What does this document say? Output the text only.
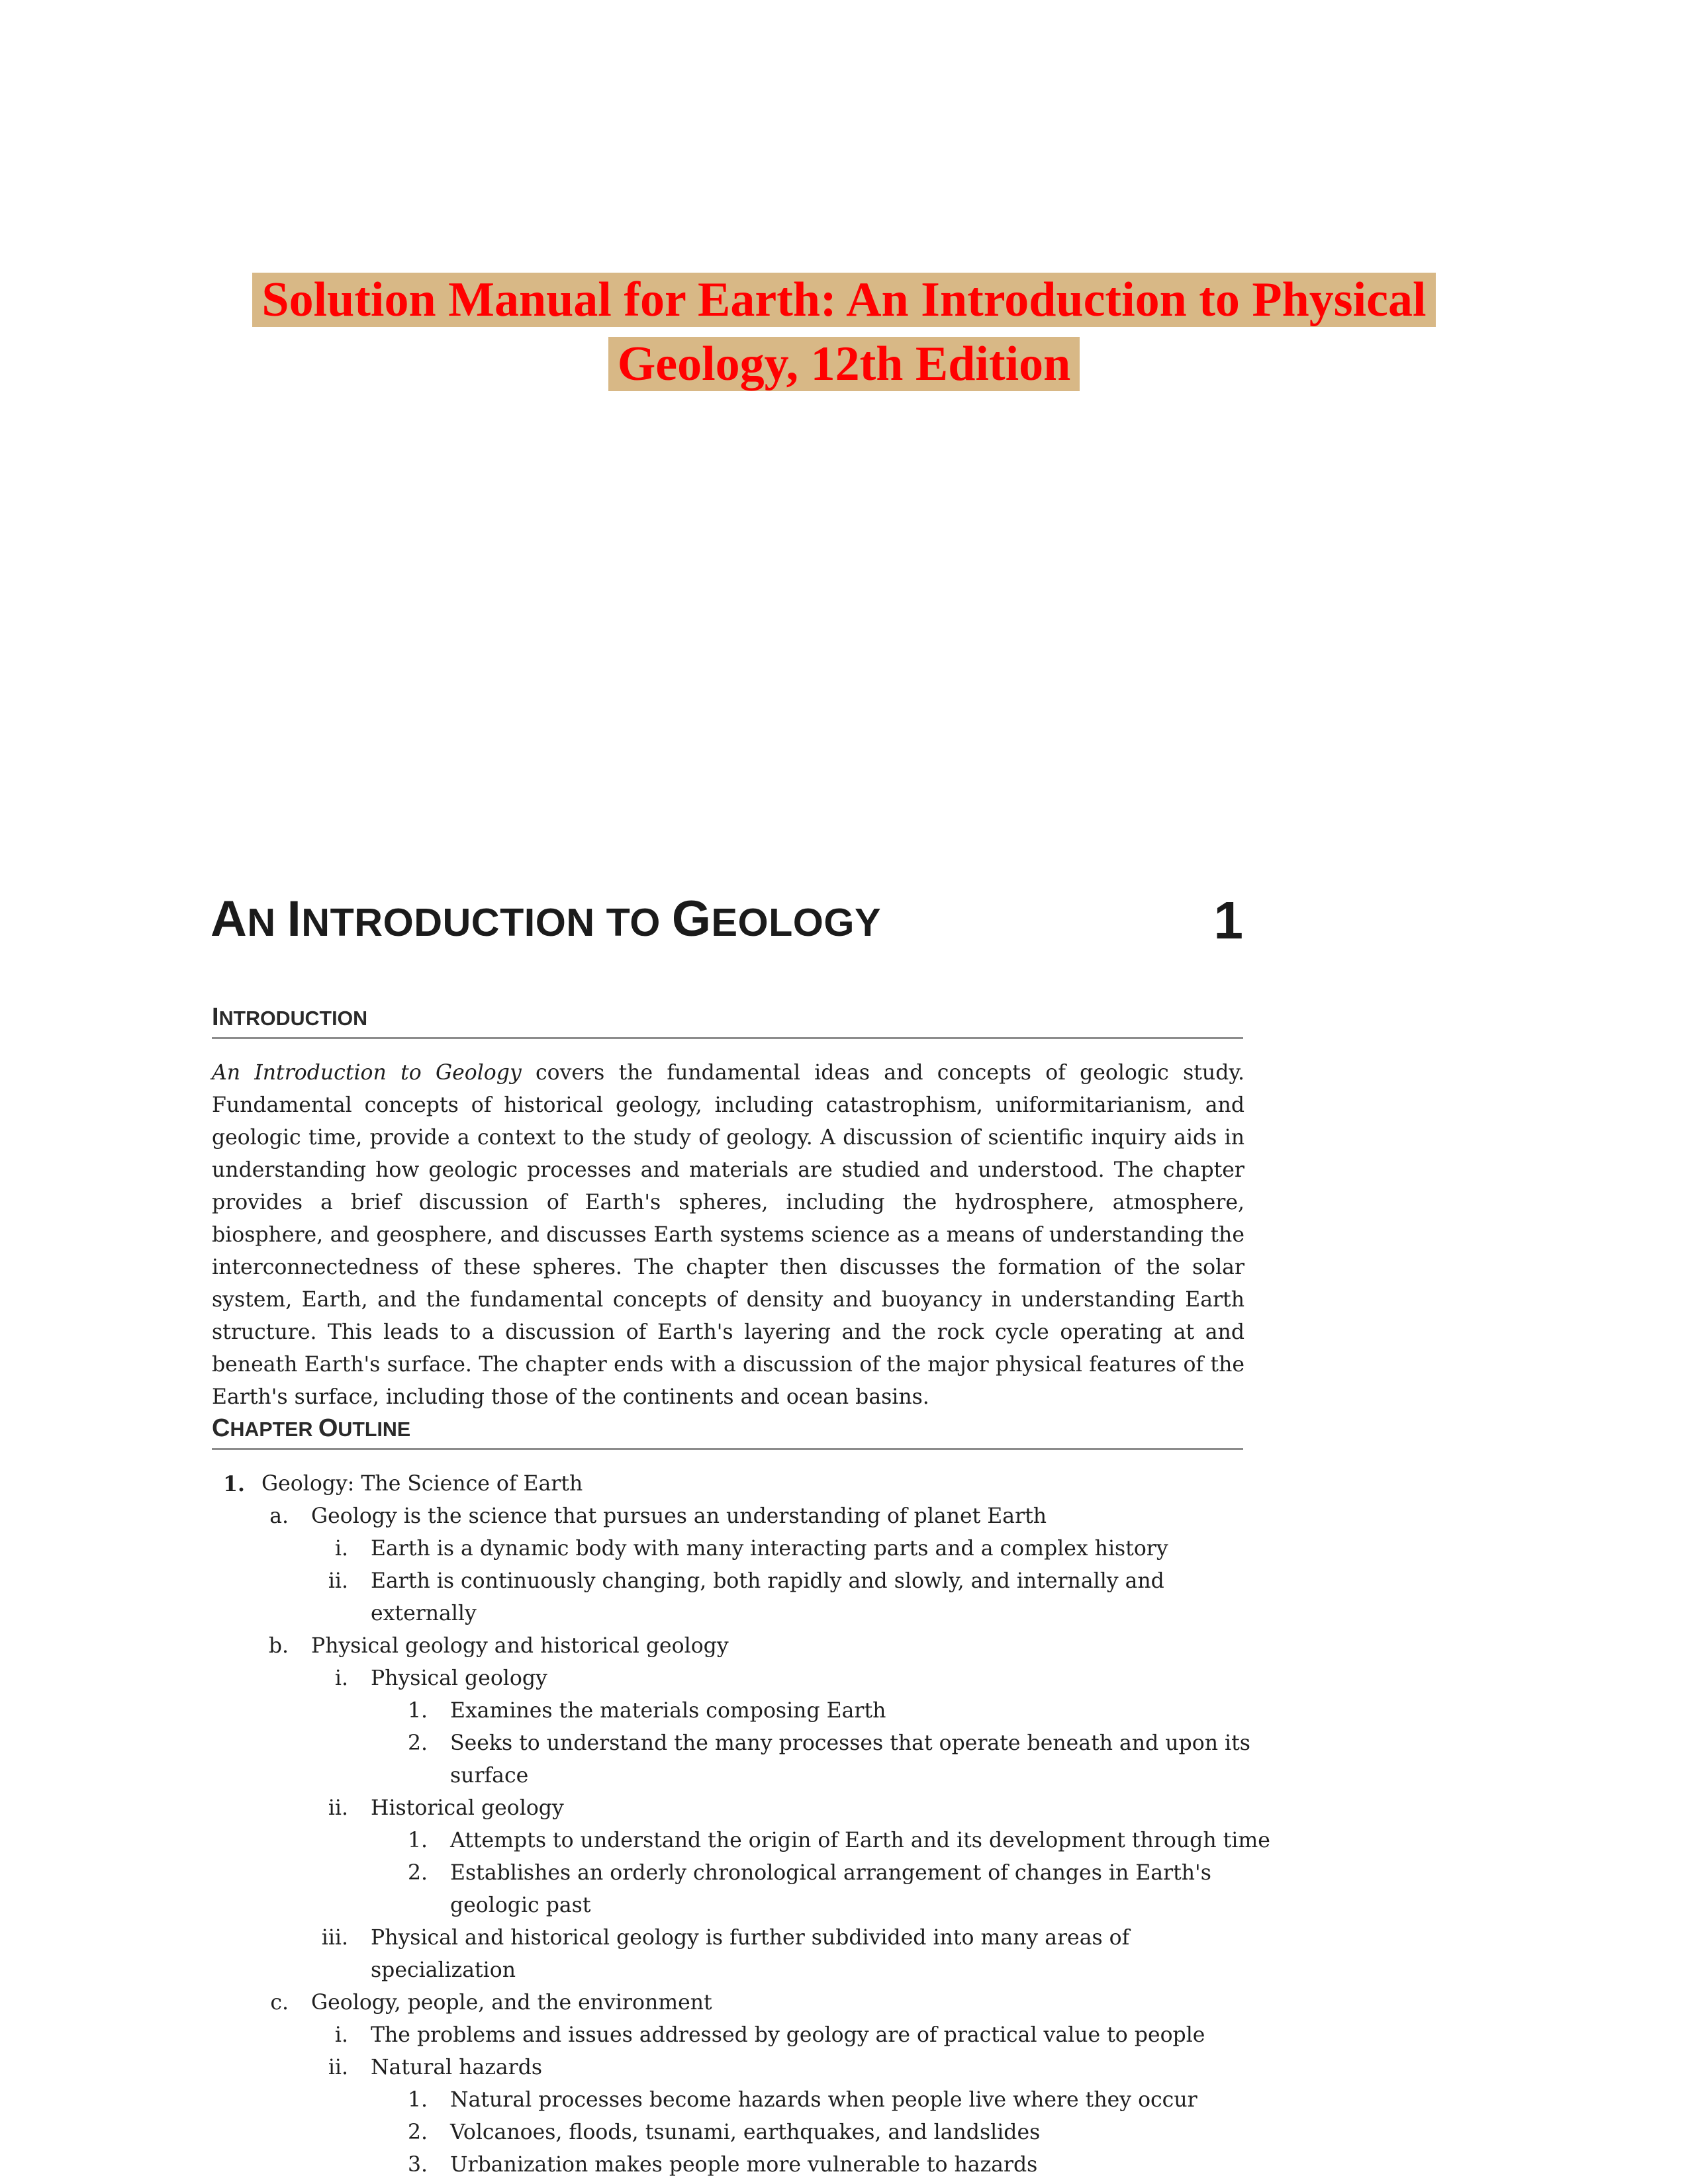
Solution Manual for Earth: An Introduction to Physical
Geology, 12th Edition
AN INTRODUCTION TO GEOLOGY	1
INTRODUCTION

An Introduction to Geology covers the fundamental ideas and concepts of geologic study. Fundamental concepts of historical geology, including catastrophism, uniformitarianism, and geologic time, provide a context to the study of geology. A discussion of scientific inquiry aids in understanding how geologic processes and materials are studied and understood. The chapter provides a brief discussion of Earth's spheres, including the hydrosphere, atmosphere, biosphere, and geosphere, and discusses Earth systems science as a means of understanding the interconnectedness of these spheres. The chapter then discusses the formation of the solar system, Earth, and the fundamental concepts of density and buoyancy in understanding Earth structure. This leads to a discussion of Earth's layering and the rock cycle operating at and beneath Earth's surface. The chapter ends with a discussion of the major physical features of the Earth's surface, including those of the continents and ocean basins.

CHAPTER OUTLINE
1. Geology: The Science of Earth
a. Geology is the science that pursues an understanding of planet Earth
i. Earth is a dynamic body with many interacting parts and a complex history
ii. Earth is continuously changing, both rapidly and slowly, and internally and
externally
b. Physical geology and historical geology
i. Physical geology
1. Examines the materials composing Earth
2. Seeks to understand the many processes that operate beneath and upon its
surface
ii. Historical geology
1. Attempts to understand the origin of Earth and its development through time
2. Establishes an orderly chronological arrangement of changes in Earth's
geologic past
iii. Physical and historical geology is further subdivided into many areas of
specialization
c. Geology, people, and the environment
i. The problems and issues addressed by geology are of practical value to people
ii. Natural hazards
1. Natural processes become hazards when people live where they occur
2. Volcanoes, floods, tsunami, earthquakes, and landslides
3. Urbanization makes people more vulnerable to hazards
